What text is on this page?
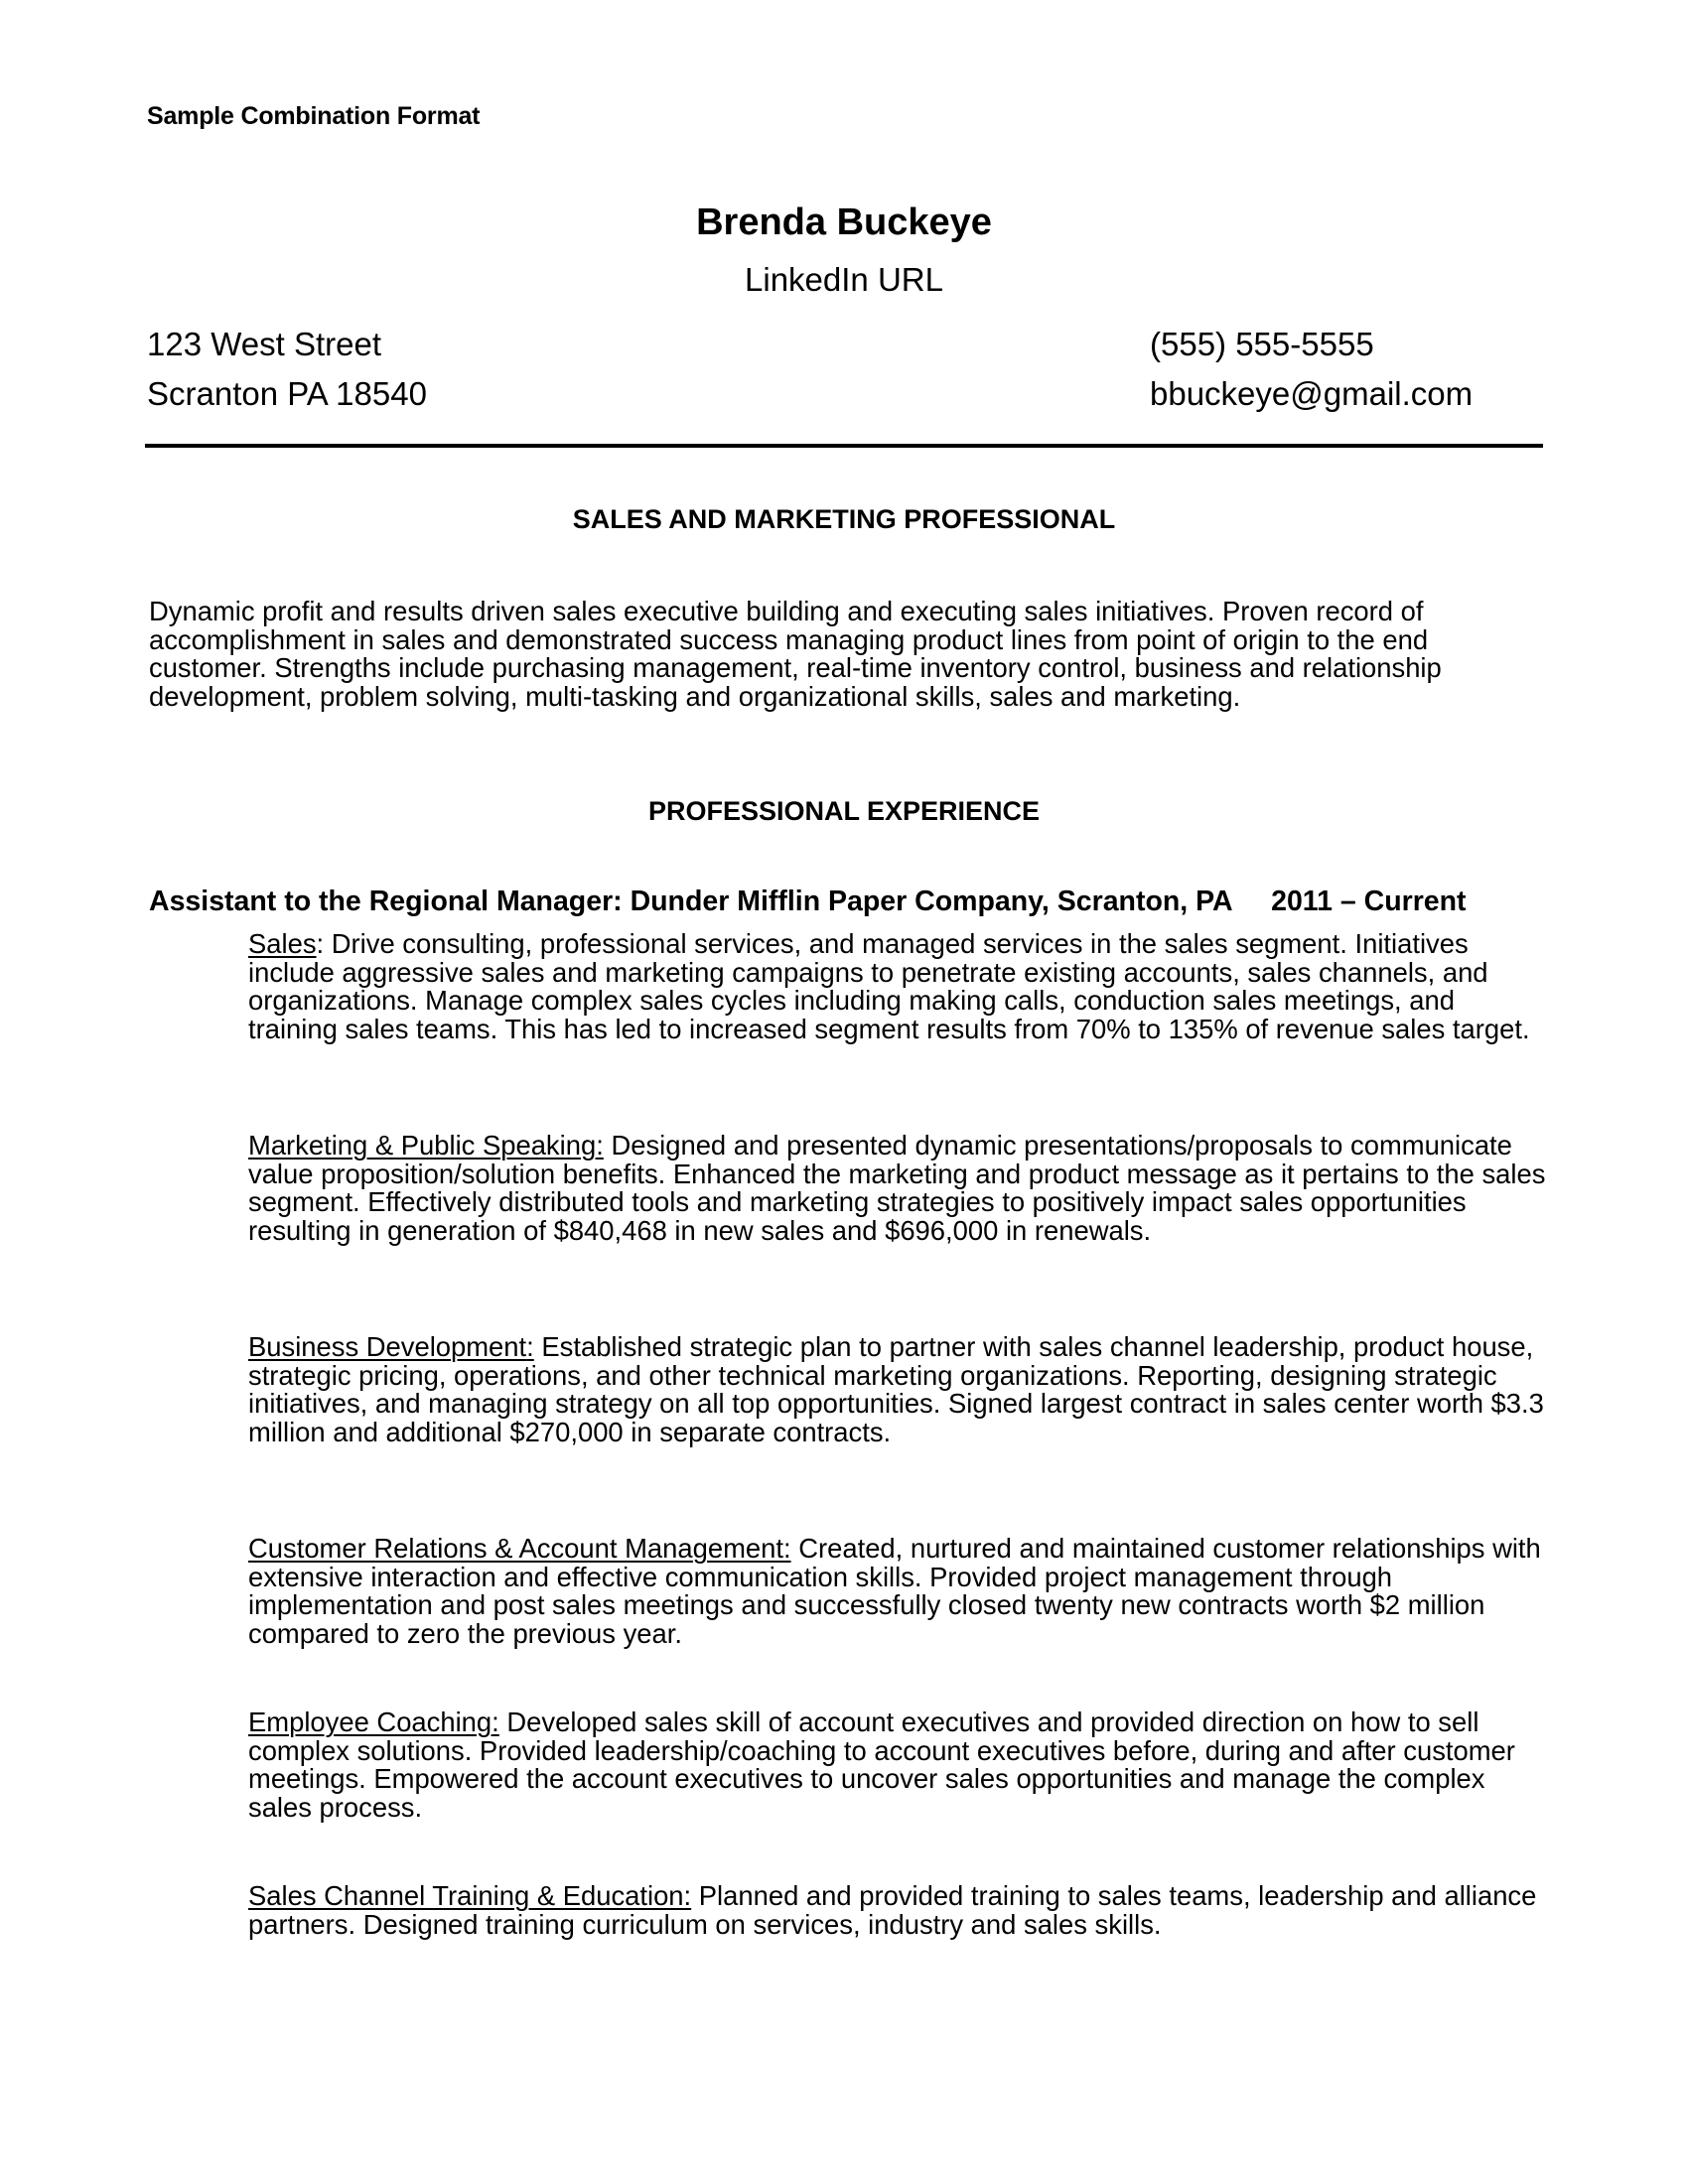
Sample Combination Format
Brenda Buckeye
LinkedIn URL
123 West Street
Scranton PA 18540
(555) 555-5555
bbuckeye@gmail.com
SALES AND MARKETING PROFESSIONAL

Dynamic profit and results driven sales executive building and executing sales initiatives. Proven record of accomplishment in sales and demonstrated success managing product lines from point of origin to the end customer. Strengths include purchasing management, real-time inventory control, business and relationship development, problem solving, multi-tasking and organizational skills, sales and marketing.

PROFESSIONAL EXPERIENCE
Assistant to the Regional Manager: Dunder Mifflin Paper Company, Scranton, PA 2011 – Current

Sales: Drive consulting, professional services, and managed services in the sales segment. Initiatives include aggressive sales and marketing campaigns to penetrate existing accounts, sales channels, and organizations. Manage complex sales cycles including making calls, conduction sales meetings, and training sales teams. This has led to increased segment results from 70% to 135% of revenue sales target.

Marketing & Public Speaking: Designed and presented dynamic presentations/proposals to communicate value proposition/solution benefits. Enhanced the marketing and product message as it pertains to the sales segment. Effectively distributed tools and marketing strategies to positively impact sales opportunities resulting in generation of $840,468 in new sales and $696,000 in renewals.

Business Development: Established strategic plan to partner with sales channel leadership, product house, strategic pricing, operations, and other technical marketing organizations. Reporting, designing strategic initiatives, and managing strategy on all top opportunities. Signed largest contract in sales center worth $3.3 million and additional $270,000 in separate contracts.

Customer Relations & Account Management: Created, nurtured and maintained customer relationships with extensive interaction and effective communication skills. Provided project management through implementation and post sales meetings and successfully closed twenty new contracts worth $2 million compared to zero the previous year.

Employee Coaching: Developed sales skill of account executives and provided direction on how to sell complex solutions. Provided leadership/coaching to account executives before, during and after customer meetings. Empowered the account executives to uncover sales opportunities and manage the complex sales process.

Sales Channel Training & Education: Planned and provided training to sales teams, leadership and alliance partners. Designed training curriculum on services, industry and sales skills.
